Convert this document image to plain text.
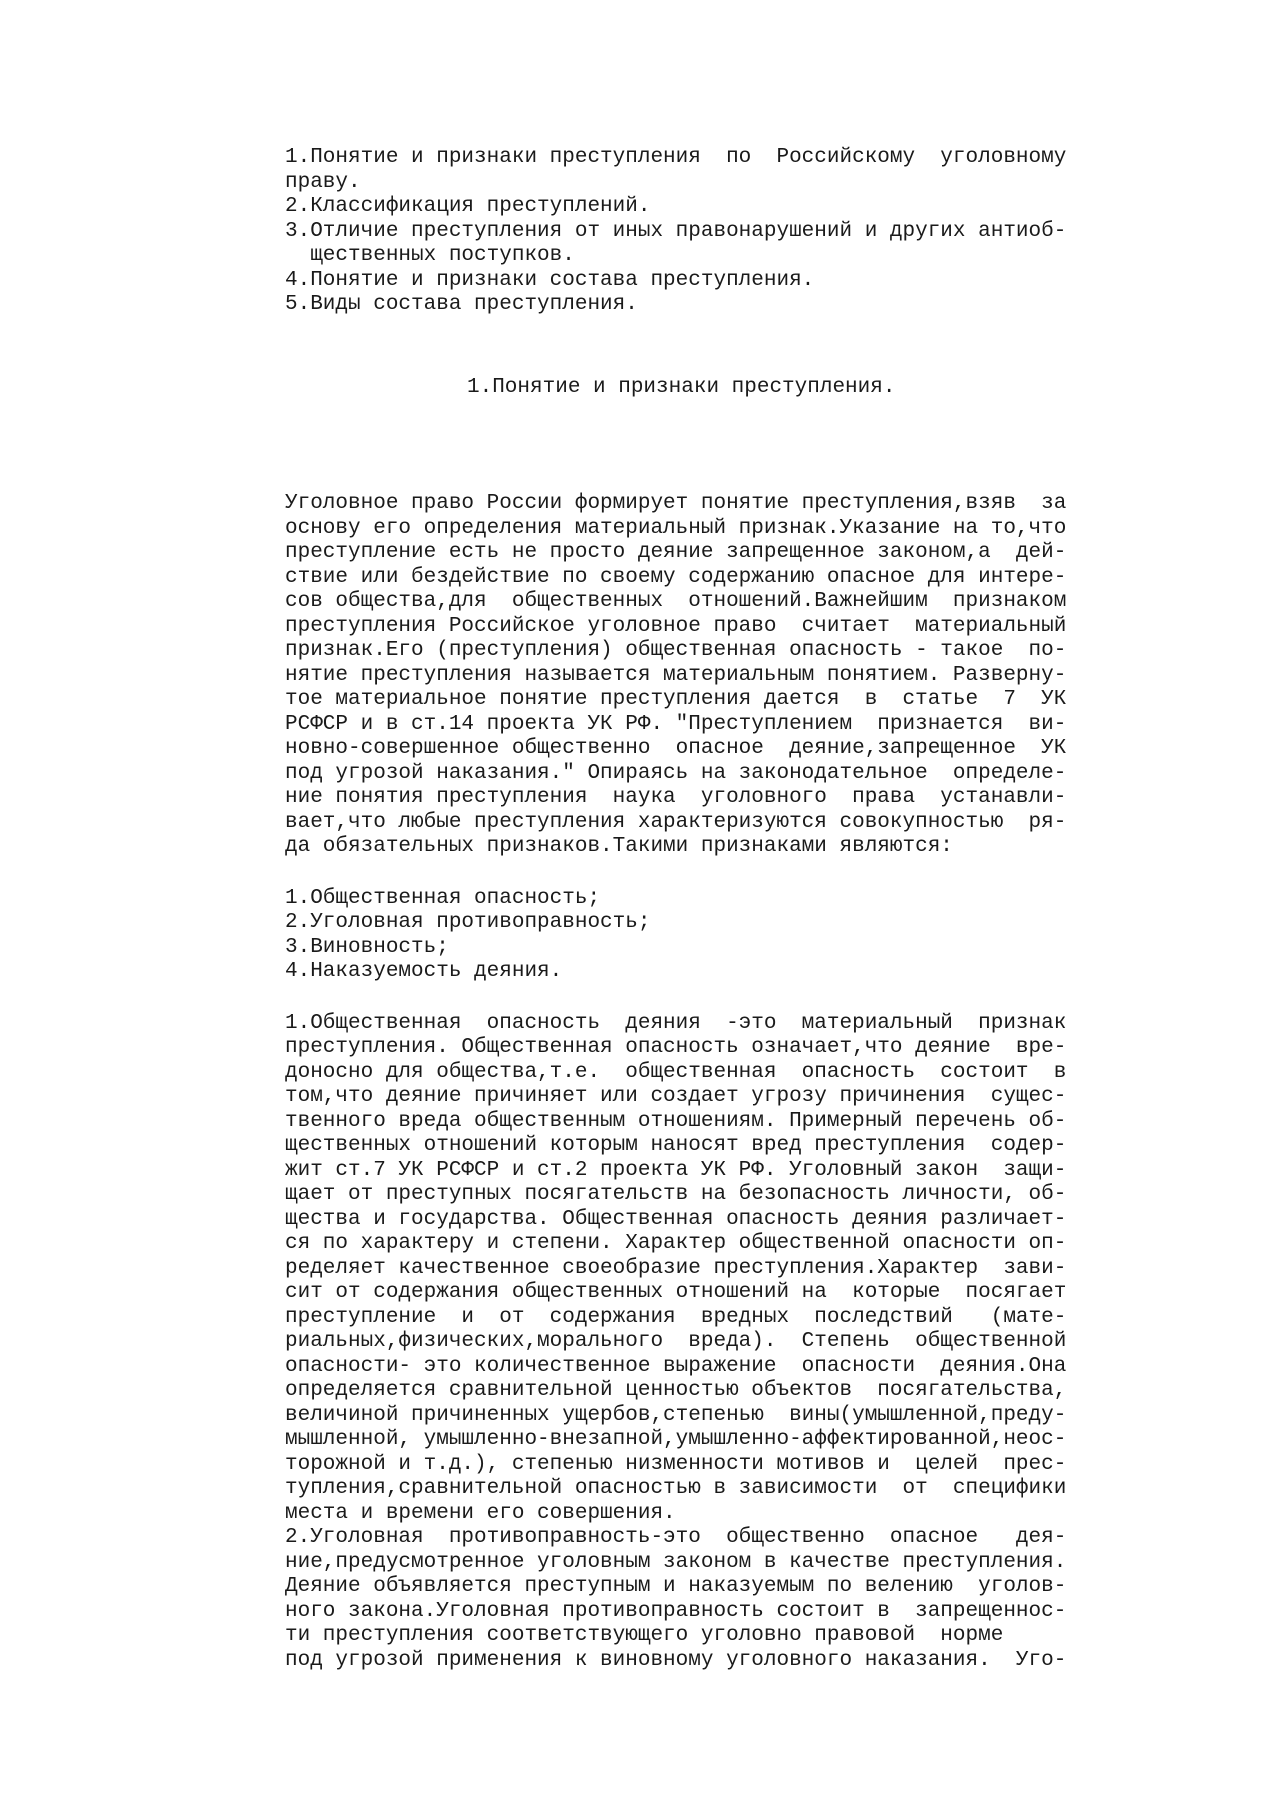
1.Понятие и признаки преступления  по  Российскому  уголовному
праву.
2.Классификация преступлений.
3.Отличие преступления от иных правонарушений и других антиоб-
щественных поступков.
4.Понятие и признаки состава преступления.
5.Виды состава преступления.
1.Понятие и признаки преступления.
Уголовное право России формирует понятие преступления,взяв  за
основу его определения материальный признак.Указание на то,что
преступление есть не просто деяние запрещенное законом,а  дей-
ствие или бездействие по своему содержанию опасное для интере-
сов общества,для  общественных  отношений.Важнейшим  признаком
преступления Российское уголовное право  считает  материальный
признак.Его (преступления) общественная опасность - такое  по-
нятие преступления называется материальным понятием. Разверну-
тое материальное понятие преступления дается  в  статье  7  УК
РСФСР и в ст.14 проекта УК РФ. "Преступлением  признается  ви-
новно-совершенное общественно  опасное  деяние,запрещенное  УК
под угрозой наказания." Опираясь на законодательное  определе-
ние понятия преступления  наука  уголовного  права  устанавли-
вает,что любые преступления характеризуются совокупностью  ря-
да обязательных признаков.Такими признаками являются:
1.Общественная опасность;
2.Уголовная противоправность;
3.Виновность;
4.Наказуемость деяния.
1.Общественная  опасность  деяния  -это  материальный  признак
преступления. Общественная опасность означает,что деяние  вре-
доносно для общества,т.е.  общественная  опасность  состоит  в
том,что деяние причиняет или создает угрозу причинения  сущес-
твенного вреда общественным отношениям. Примерный перечень об-
щественных отношений которым наносят вред преступления  содер-
жит ст.7 УК РСФСР и ст.2 проекта УК РФ. Уголовный закон  защи-
щает от преступных посягательств на безопасность личности, об-
щества и государства. Общественная опасность деяния различает-
ся по характеру и степени. Характер общественной опасности оп-
ределяет качественное своеобразие преступления.Характер  зави-
сит от содержания общественных отношений на  которые  посягает
преступление  и  от  содержания  вредных  последствий   (мате-
риальных,физических,морального  вреда).  Степень  общественной
опасности- это количественное выражение  опасности  деяния.Она
определяется сравнительной ценностью объектов  посягательства,
величиной причиненных ущербов,степенью  вины(умышленной,преду-
мышленной, умышленно-внезапной,умышленно-аффектированной,неос-
торожной и т.д.), степенью низменности мотивов и  целей  прес-
тупления,сравнительной опасностью в зависимости  от  специфики
места и времени его совершения.
2.Уголовная  противоправность-это  общественно  опасное   дея-
ние,предусмотренное уголовным законом в качестве преступления.
Деяние объявляется преступным и наказуемым по велению  уголов-
ного закона.Уголовная противоправность состоит в  запрещеннос-
ти преступления соответствующего уголовно правовой  норме
под угрозой применения к виновному уголовного наказания.  Уго-
